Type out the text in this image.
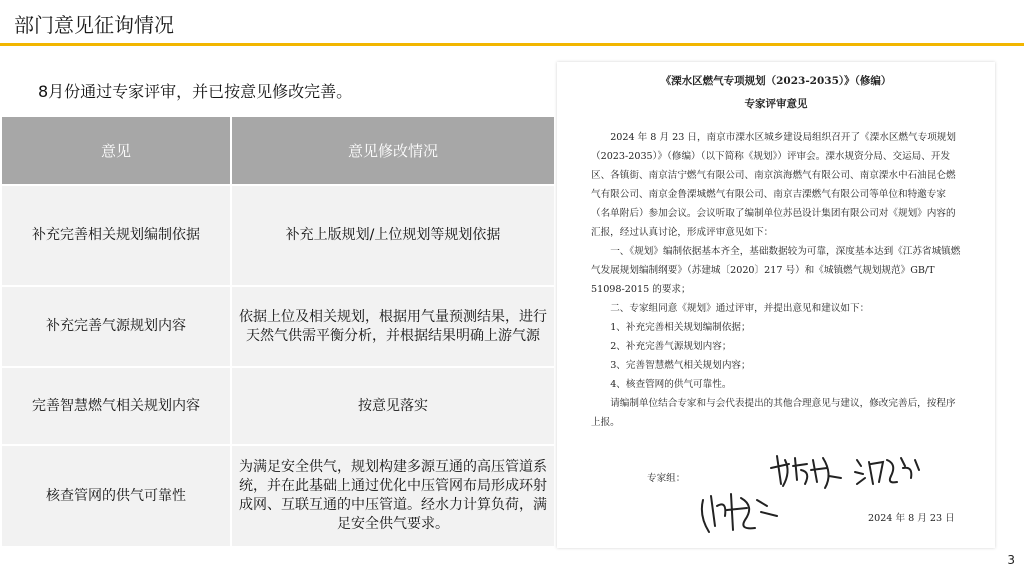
部门意见征询情况
8月份通过专家评审，并已按意见修改完善。
意见	意见修改情况
补充完善相关规划编制依据	补充上版规划/上位规划等规划依据
补充完善气源规划内容	依据上位及相关规划，根据用气量预测结果，进行天然气供需平衡分析，并根据结果明确上游气源
完善智慧燃气相关规划内容	按意见落实
核查管网的供气可靠性	为满足安全供气，规划构建多源互通的高压管道系统，并在此基础上通过优化中压管网布局形成环射成网、互联互通的中压管道。经水力计算负荷，满足安全供气要求。
《溧水区燃气专项规划（2023-2035）》（修编）
专家评审意见

2024 年 8 月 23 日，南京市溧水区城乡建设局组织召开了《溧水区燃气专项规划（2023-2035）》（修编）（以下简称《规划》）评审会。溧水规资分局、交运局、开发区、各镇街、南京洁宁燃气有限公司、南京滨海燃气有限公司、南京溧水中石油昆仑燃气有限公司、南京金鲁溧城燃气有限公司、南京吉溧燃气有限公司等单位和特邀专家（名单附后）参加会议。会议听取了编制单位苏邑设计集团有限公司对《规划》内容的汇报，经过认真讨论，形成评审意见如下：

一、《规划》编制依据基本齐全，基础数据较为可靠，深度基本达到《江苏省城镇燃气发展规划编制纲要》（苏建城〔2020〕217 号）和《城镇燃气规划规范》GB/T 51098-2015 的要求；

二、专家组同意《规划》通过评审，并提出意见和建议如下：

1、补充完善相关规划编制依据；

2、补充完善气源规划内容；

3、完善智慧燃气相关规划内容；

4、核查管网的供气可靠性。

请编制单位结合专家和与会代表提出的其他合理意见与建议，修改完善后，按程序上报。

专家组：
2024 年 8 月 23 日
3
